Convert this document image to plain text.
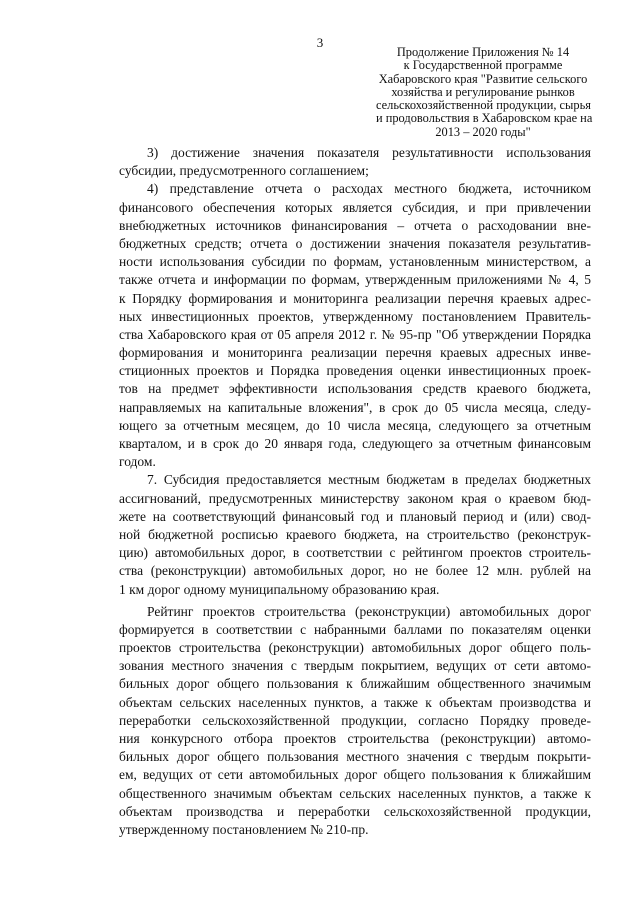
3
Продолжение Приложения № 14
к Государственной программе
Хабаровского края "Развитие сельского
хозяйства и регулирование рынков
сельскохозяйственной продукции, сырья
и продовольствия в Хабаровском крае на
2013 – 2020 годы"
3) достижение значения показателя результативности использования
субсидии, предусмотренного соглашением;
4) представление отчета о расходах местного бюджета, источником
финансового обеспечения которых является субсидия, и при привлечении
внебюджетных источников финансирования – отчета о расходовании вне-
бюджетных средств; отчета о достижении значения показателя результатив-
ности использования субсидии по формам, установленным министерством, а
также отчета и информации по формам, утвержденным приложениями № 4, 5
к Порядку формирования и мониторинга реализации перечня краевых адрес-
ных инвестиционных проектов, утвержденному постановлением Правитель-
ства Хабаровского края от 05 апреля 2012 г. № 95-пр "Об утверждении Порядка
формирования и мониторинга реализации перечня краевых адресных инве-
стиционных проектов и Порядка проведения оценки инвестиционных проек-
тов на предмет эффективности использования средств краевого бюджета,
направляемых на капитальные вложения", в срок до 05 числа месяца, следу-
ющего за отчетным месяцем, до 10 числа месяца, следующего за отчетным
кварталом, и в срок до 20 января года, следующего за отчетным финансовым
годом.
7. Субсидия предоставляется местным бюджетам в пределах бюджетных
ассигнований, предусмотренных министерству законом края о краевом бюд-
жете на соответствующий финансовый год и плановый период и (или) свод-
ной бюджетной росписью краевого бюджета, на строительство (реконструк-
цию) автомобильных дорог, в соответствии с рейтингом проектов строитель-
ства (реконструкции) автомобильных дорог, но не более 12 млн. рублей на
1 км дорог одному муниципальному образованию края.
Рейтинг проектов строительства (реконструкции) автомобильных дорог
формируется в соответствии с набранными баллами по показателям оценки
проектов строительства (реконструкции) автомобильных дорог общего поль-
зования местного значения с твердым покрытием, ведущих от сети автомо-
бильных дорог общего пользования к ближайшим общественного значимым
объектам сельских населенных пунктов, а также к объектам производства и
переработки сельскохозяйственной продукции, согласно Порядку проведе-
ния конкурсного отбора проектов строительства (реконструкции) автомо-
бильных дорог общего пользования местного значения с твердым покрыти-
ем, ведущих от сети автомобильных дорог общего пользования к ближайшим
общественного значимым объектам сельских населенных пунктов, а также к
объектам производства и переработки сельскохозяйственной продукции,
утвержденному постановлением № 210-пр.
